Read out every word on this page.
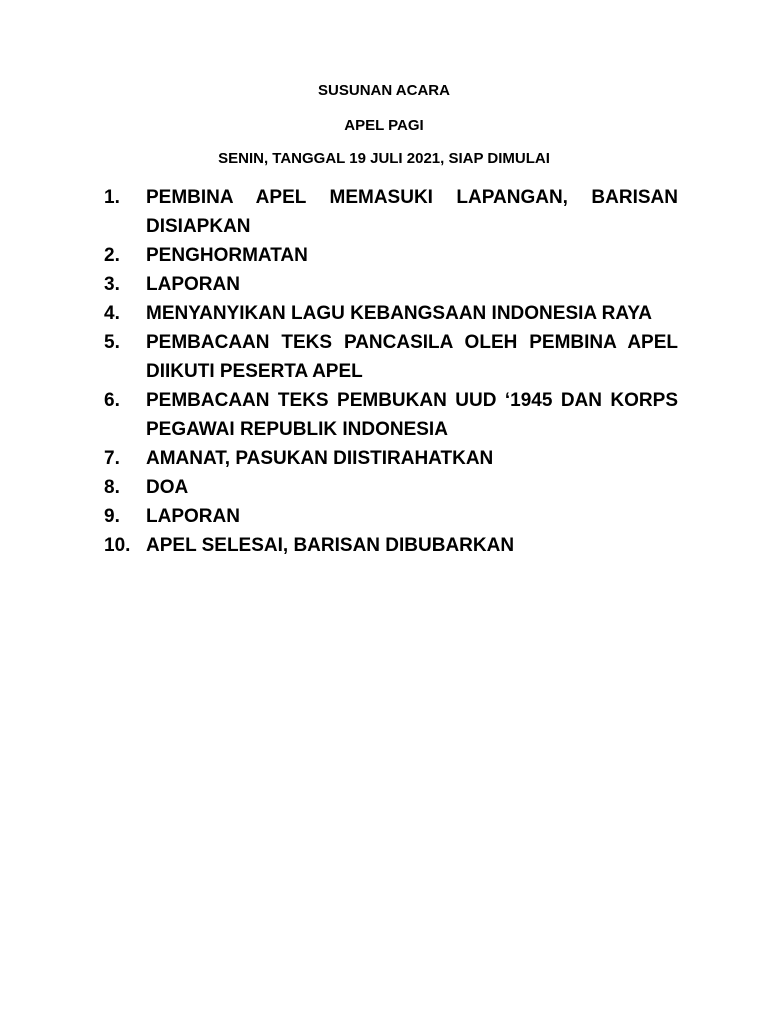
SUSUNAN ACARA
APEL PAGI
SENIN, TANGGAL 19 JULI 2021, SIAP DIMULAI
1.	PEMBINA APEL MEMASUKI LAPANGAN, BARISAN DISIAPKAN
2.	PENGHORMATAN
3.	LAPORAN
4.	MENYANYIKAN LAGU KEBANGSAAN INDONESIA RAYA
5.	PEMBACAAN TEKS PANCASILA OLEH PEMBINA APEL DIIKUTI PESERTA APEL
6.	PEMBACAAN TEKS PEMBUKAN UUD ‘1945 DAN KORPS PEGAWAI REPUBLIK INDONESIA
7.	AMANAT, PASUKAN DIISTIRAHATKAN
8.	DOA
9.	LAPORAN
10. APEL SELESAI, BARISAN DIBUBARKAN
